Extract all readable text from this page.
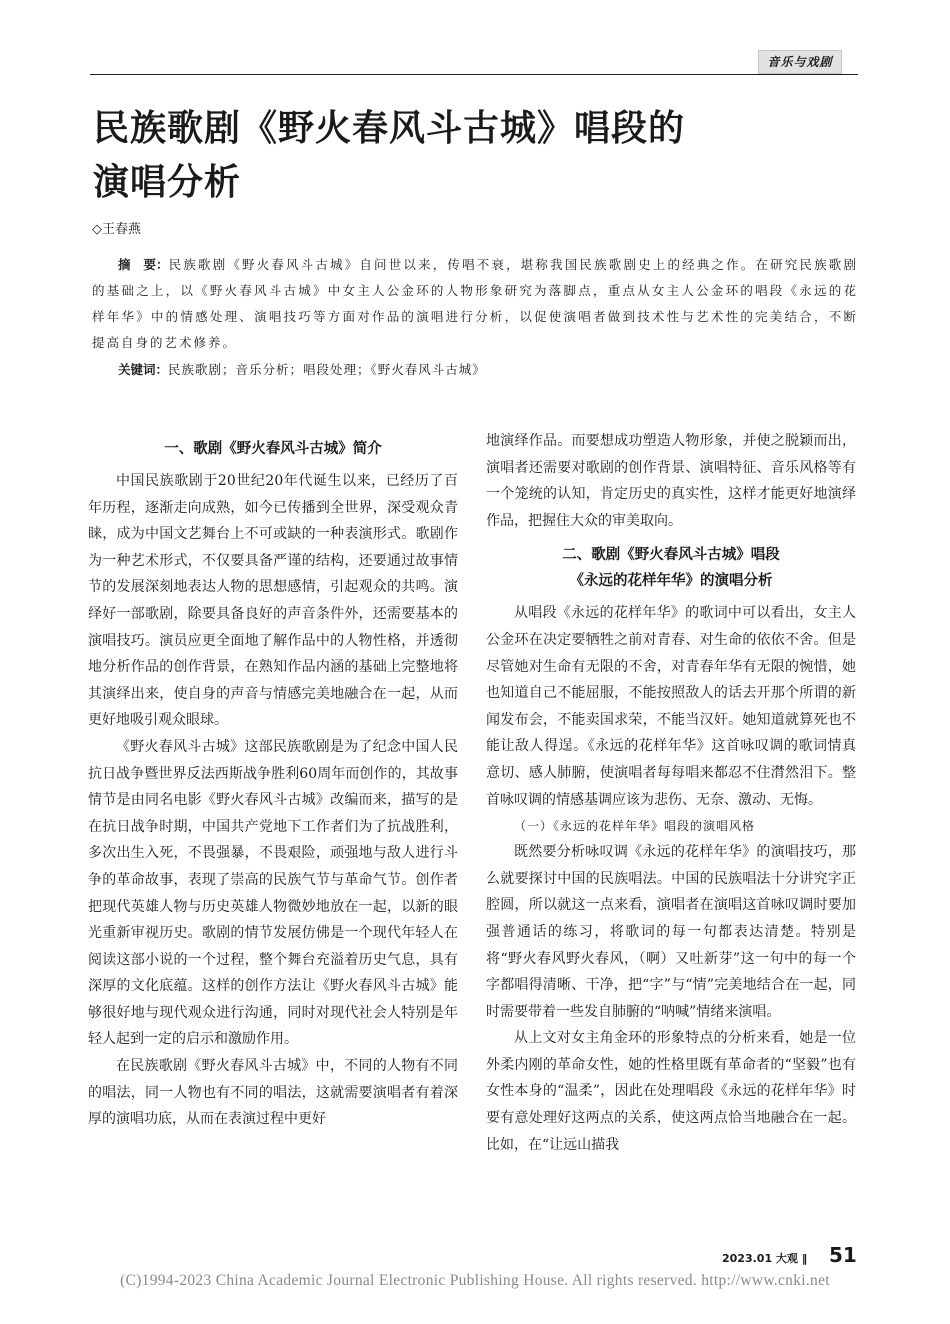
音乐与戏剧
民族歌剧《野火春风斗古城》唱段的
演唱分析
◇王春燕
摘　要：民族歌剧《野火春风斗古城》自问世以来，传唱不衰，堪称我国民族歌剧史上的经典之作。在研究民族歌剧的基础之上，以《野火春风斗古城》中女主人公金环的人物形象研究为落脚点，重点从女主人公金环的唱段《永远的花样年华》中的情感处理、演唱技巧等方面对作品的演唱进行分析，以促使演唱者做到技术性与艺术性的完美结合，不断提高自身的艺术修养。
关键词：民族歌剧；音乐分析；唱段处理；《野火春风斗古城》
一、歌剧《野火春风斗古城》简介

中国民族歌剧于20世纪20年代诞生以来，已经历了百年历程，逐渐走向成熟，如今已传播到全世界，深受观众青睐，成为中国文艺舞台上不可或缺的一种表演形式。歌剧作为一种艺术形式，不仅要具备严谨的结构，还要通过故事情节的发展深刻地表达人物的思想感情，引起观众的共鸣。演绎好一部歌剧，除要具备良好的声音条件外，还需要基本的演唱技巧。演员应更全面地了解作品中的人物性格，并透彻地分析作品的创作背景，在熟知作品内涵的基础上完整地将其演绎出来，使自身的声音与情感完美地融合在一起，从而更好地吸引观众眼球。

《野火春风斗古城》这部民族歌剧是为了纪念中国人民抗日战争暨世界反法西斯战争胜利60周年而创作的，其故事情节是由同名电影《野火春风斗古城》改编而来，描写的是在抗日战争时期，中国共产党地下工作者们为了抗战胜利，多次出生入死，不畏强暴，不畏艰险，顽强地与敌人进行斗争的革命故事，表现了崇高的民族气节与革命气节。创作者把现代英雄人物与历史英雄人物微妙地放在一起，以新的眼光重新审视历史。歌剧的情节发展仿佛是一个现代年轻人在阅读这部小说的一个过程，整个舞台充溢着历史气息，具有深厚的文化底蕴。这样的创作方法让《野火春风斗古城》能够很好地与现代观众进行沟通，同时对现代社会人特别是年轻人起到一定的启示和激励作用。

在民族歌剧《野火春风斗古城》中，不同的人物有不同的唱法，同一人物也有不同的唱法，这就需要演唱者有着深厚的演唱功底，从而在表演过程中更好

地演绎作品。而要想成功塑造人物形象，并使之脱颖而出，演唱者还需要对歌剧的创作背景、演唱特征、音乐风格等有一个笼统的认知，肯定历史的真实性，这样才能更好地演绎作品，把握住大众的审美取向。

二、歌剧《野火春风斗古城》唱段
《永远的花样年华》的演唱分析

从唱段《永远的花样年华》的歌词中可以看出，女主人公金环在决定要牺牲之前对青春、对生命的依依不舍。但是尽管她对生命有无限的不舍，对青春年华有无限的惋惜，她也知道自己不能屈服，不能按照敌人的话去开那个所谓的新闻发布会，不能卖国求荣，不能当汉奸。她知道就算死也不能让敌人得逞。《永远的花样年华》这首咏叹调的歌词情真意切、感人肺腑，使演唱者每每唱来都忍不住潸然泪下。整首咏叹调的情感基调应该为悲伤、无奈、激动、无悔。

（一）《永远的花样年华》唱段的演唱风格

既然要分析咏叹调《永远的花样年华》的演唱技巧，那么就要探讨中国的民族唱法。中国的民族唱法十分讲究字正腔圆，所以就这一点来看，演唱者在演唱这首咏叹调时要加强普通话的练习，将歌词的每一句都表达清楚。特别是将“野火春风野火春风，（啊）又吐新芽”这一句中的每一个字都唱得清晰、干净，把“字”与“情”完美地结合在一起，同时需要带着一些发自肺腑的“呐喊”情绪来演唱。

从上文对女主角金环的形象特点的分析来看，她是一位外柔内刚的革命女性，她的性格里既有革命者的“坚毅”也有女性本身的“温柔”，因此在处理唱段《永远的花样年华》时要有意处理好这两点的关系，使这两点恰当地融合在一起。比如，在“让远山描我

2023.01 大观 ‖ 51
(C)1994-2023 China Academic Journal Electronic Publishing House. All rights reserved. http://www.cnki.net
